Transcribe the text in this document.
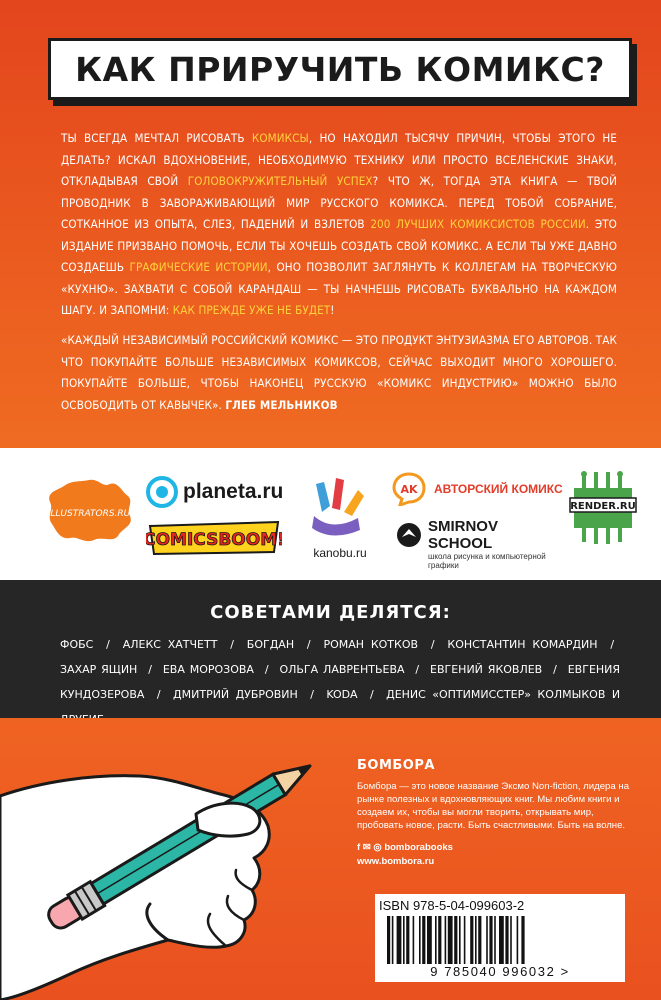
КАК ПРИРУЧИТЬ КОМИКС?
ТЫ ВСЕГДА МЕЧТАЛ РИСОВАТЬ КОМИКСЫ, НО НАХОДИЛ ТЫСЯЧУ ПРИЧИН, ЧТОБЫ ЭТОГО НЕ ДЕЛАТЬ? ИСКАЛ ВДОХНОВЕНИЕ, НЕОБХОДИМУЮ ТЕХНИКУ ИЛИ ПРОСТО ВСЕЛЕНСКИЕ ЗНАКИ, ОТКЛАДЫВАЯ СВОЙ ГОЛОВОКРУЖИТЕЛЬНЫЙ УСПЕХ? ЧТО Ж, ТОГДА ЭТА КНИГА — ТВОЙ ПРОВОДНИК В ЗАВОРАЖИВАЮЩИЙ МИР РУССКОГО КОМИКСА. ПЕРЕД ТОБОЙ СОБРАНИЕ, СОТКАННОЕ ИЗ ОПЫТА, СЛЕЗ, ПАДЕНИЙ И ВЗЛЕТОВ 200 ЛУЧШИХ КОМИКСИСТОВ РОССИИ. ЭТО ИЗДАНИЕ ПРИЗВАНО ПОМОЧЬ, ЕСЛИ ТЫ ХОЧЕШЬ СОЗДАТЬ СВОЙ КОМИКС. А ЕСЛИ ТЫ УЖЕ ДАВНО СОЗДАЕШЬ ГРАФИЧЕСКИЕ ИСТОРИИ, ОНО ПОЗВОЛИТ ЗАГЛЯНУТЬ К КОЛЛЕГАМ НА ТВОРЧЕСКУЮ «КУХНЮ». ЗАХВАТИ С СОБОЙ КАРАНДАШ — ТЫ НАЧНЕШЬ РИСОВАТЬ БУКВАЛЬНО НА КАЖДОМ ШАГУ. И ЗАПОМНИ: КАК ПРЕЖДЕ УЖЕ НЕ БУДЕТ!
«КАЖДЫЙ НЕЗАВИСИМЫЙ РОССИЙСКИЙ КОМИКС — ЭТО ПРОДУКТ ЭНТУЗИАЗМА ЕГО АВТОРОВ. ТАК ЧТО ПОКУПАЙТЕ БОЛЬШЕ НЕЗАВИСИМЫХ КОМИКСОВ, СЕЙЧАС ВЫХОДИТ МНОГО ХОРОШЕГО. ПОКУПАЙТЕ БОЛЬШЕ, ЧТОБЫ НАКОНЕЦ РУССКУЮ «КОМИКС ИНДУСТРИЮ» МОЖНО БЫЛО ОСВОБОДИТЬ ОТ КАВЫЧЕК». ГЛЕБ МЕЛЬНИКОВ
ILLUSTRATORS.RU
planeta.ru
COMICSBOOM!
kanobu.ru
AK АВТОРСКИЙ КОМИКС
SMIRNOV SCHOOL
школа рисунка и компьютерной графики
RENDER.RU
СОВЕТАМИ ДЕЛЯТСЯ:
ФОБС / АЛЕКС ХАТЧЕТТ / БОГДАН / РОМАН КОТКОВ / КОНСТАНТИН КОМАРДИН / ЗАХАР ЯЩИН / ЕВА МОРОЗОВА / ОЛЬГА ЛАВРЕНТЬЕВА / ЕВГЕНИЙ ЯКОВЛЕВ / ЕВГЕНИЯ КУНДОЗЕРОВА / ДМИТРИЙ ДУБРОВИН / KODA / ДЕНИС «ОПТИМИССТЕР» КОЛМЫКОВ И
БОМБОРА
Бомбора — это новое название Эксмо Non-fiction, лидера на рынке полезных и вдохновляющих книг. Мы любим книги и создаем их, чтобы вы могли творить, открывать мир, пробовать новое, расти. Быть счастливыми. Быть на волне.
f ✉ ◎ bomborabooks
www.bombora.ru
ISBN 978-5-04-099603-2
9 785040 996032 >
